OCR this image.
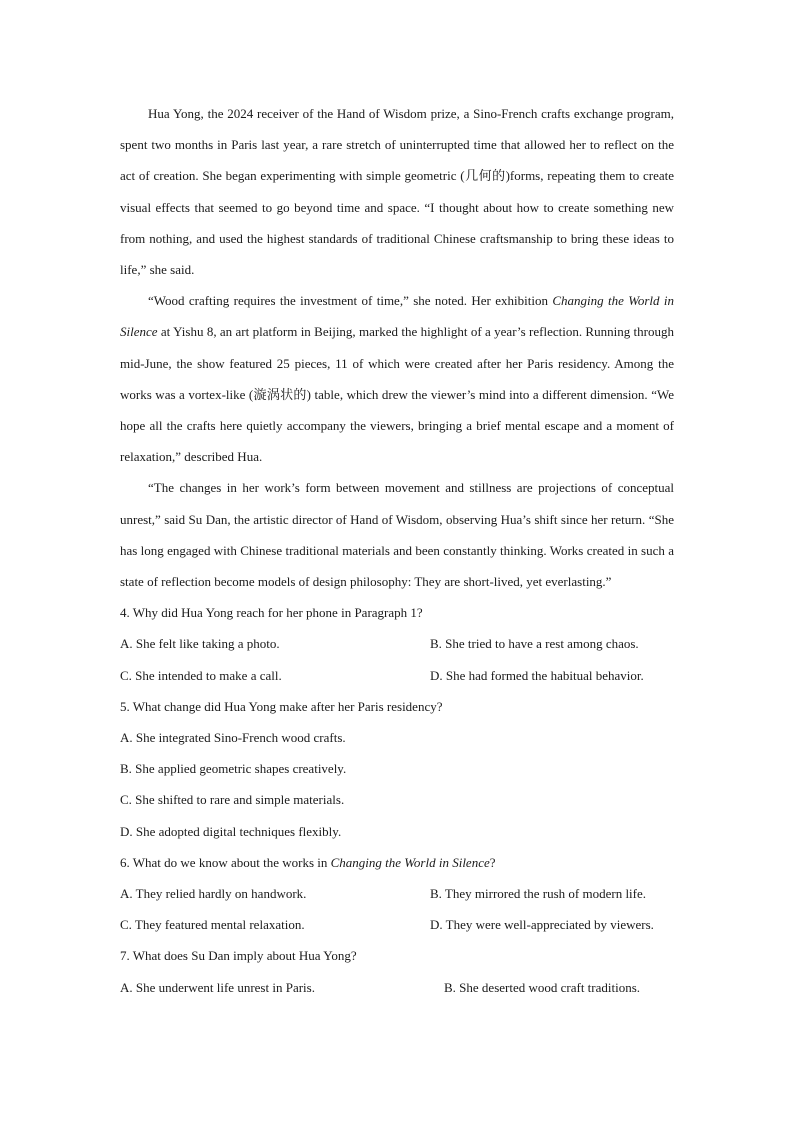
Hua Yong, the 2024 receiver of the Hand of Wisdom prize, a Sino-French crafts exchange program, spent two months in Paris last year, a rare stretch of uninterrupted time that allowed her to reflect on the act of creation. She began experimenting with simple geometric (几何的)forms, repeating them to create visual effects that seemed to go beyond time and space. “I thought about how to create something new from nothing, and used the highest standards of traditional Chinese craftsmanship to bring these ideas to life,” she said.

“Wood crafting requires the investment of time,” she noted. Her exhibition Changing the World in Silence at Yishu 8, an art platform in Beijing, marked the highlight of a year’s reflection. Running through mid-June, the show featured 25 pieces, 11 of which were created after her Paris residency. Among the works was a vortex-like (漩涡状的) table, which drew the viewer’s mind into a different dimension. “We hope all the crafts here quietly accompany the viewers, bringing a brief mental escape and a moment of relaxation,” described Hua.

“The changes in her work’s form between movement and stillness are projections of conceptual unrest,” said Su Dan, the artistic director of Hand of Wisdom, observing Hua’s shift since her return. “She has long engaged with Chinese traditional materials and been constantly thinking. Works created in such a state of reflection become models of design philosophy: They are short-lived, yet everlasting.”

4. Why did Hua Yong reach for her phone in Paragraph 1?
A. She felt like taking a photo.	B. She tried to have a rest among chaos.
C. She intended to make a call.	D. She had formed the habitual behavior.
5. What change did Hua Yong make after her Paris residency?
A. She integrated Sino-French wood crafts.
B. She applied geometric shapes creatively.
C. She shifted to rare and simple materials.
D. She adopted digital techniques flexibly.
6. What do we know about the works in Changing the World in Silence?
A. They relied hardly on handwork.	B. They mirrored the rush of modern life.
C. They featured mental relaxation.	D. They were well-appreciated by viewers.
7. What does Su Dan imply about Hua Yong?
A. She underwent life unrest in Paris.	B. She deserted wood craft traditions.
